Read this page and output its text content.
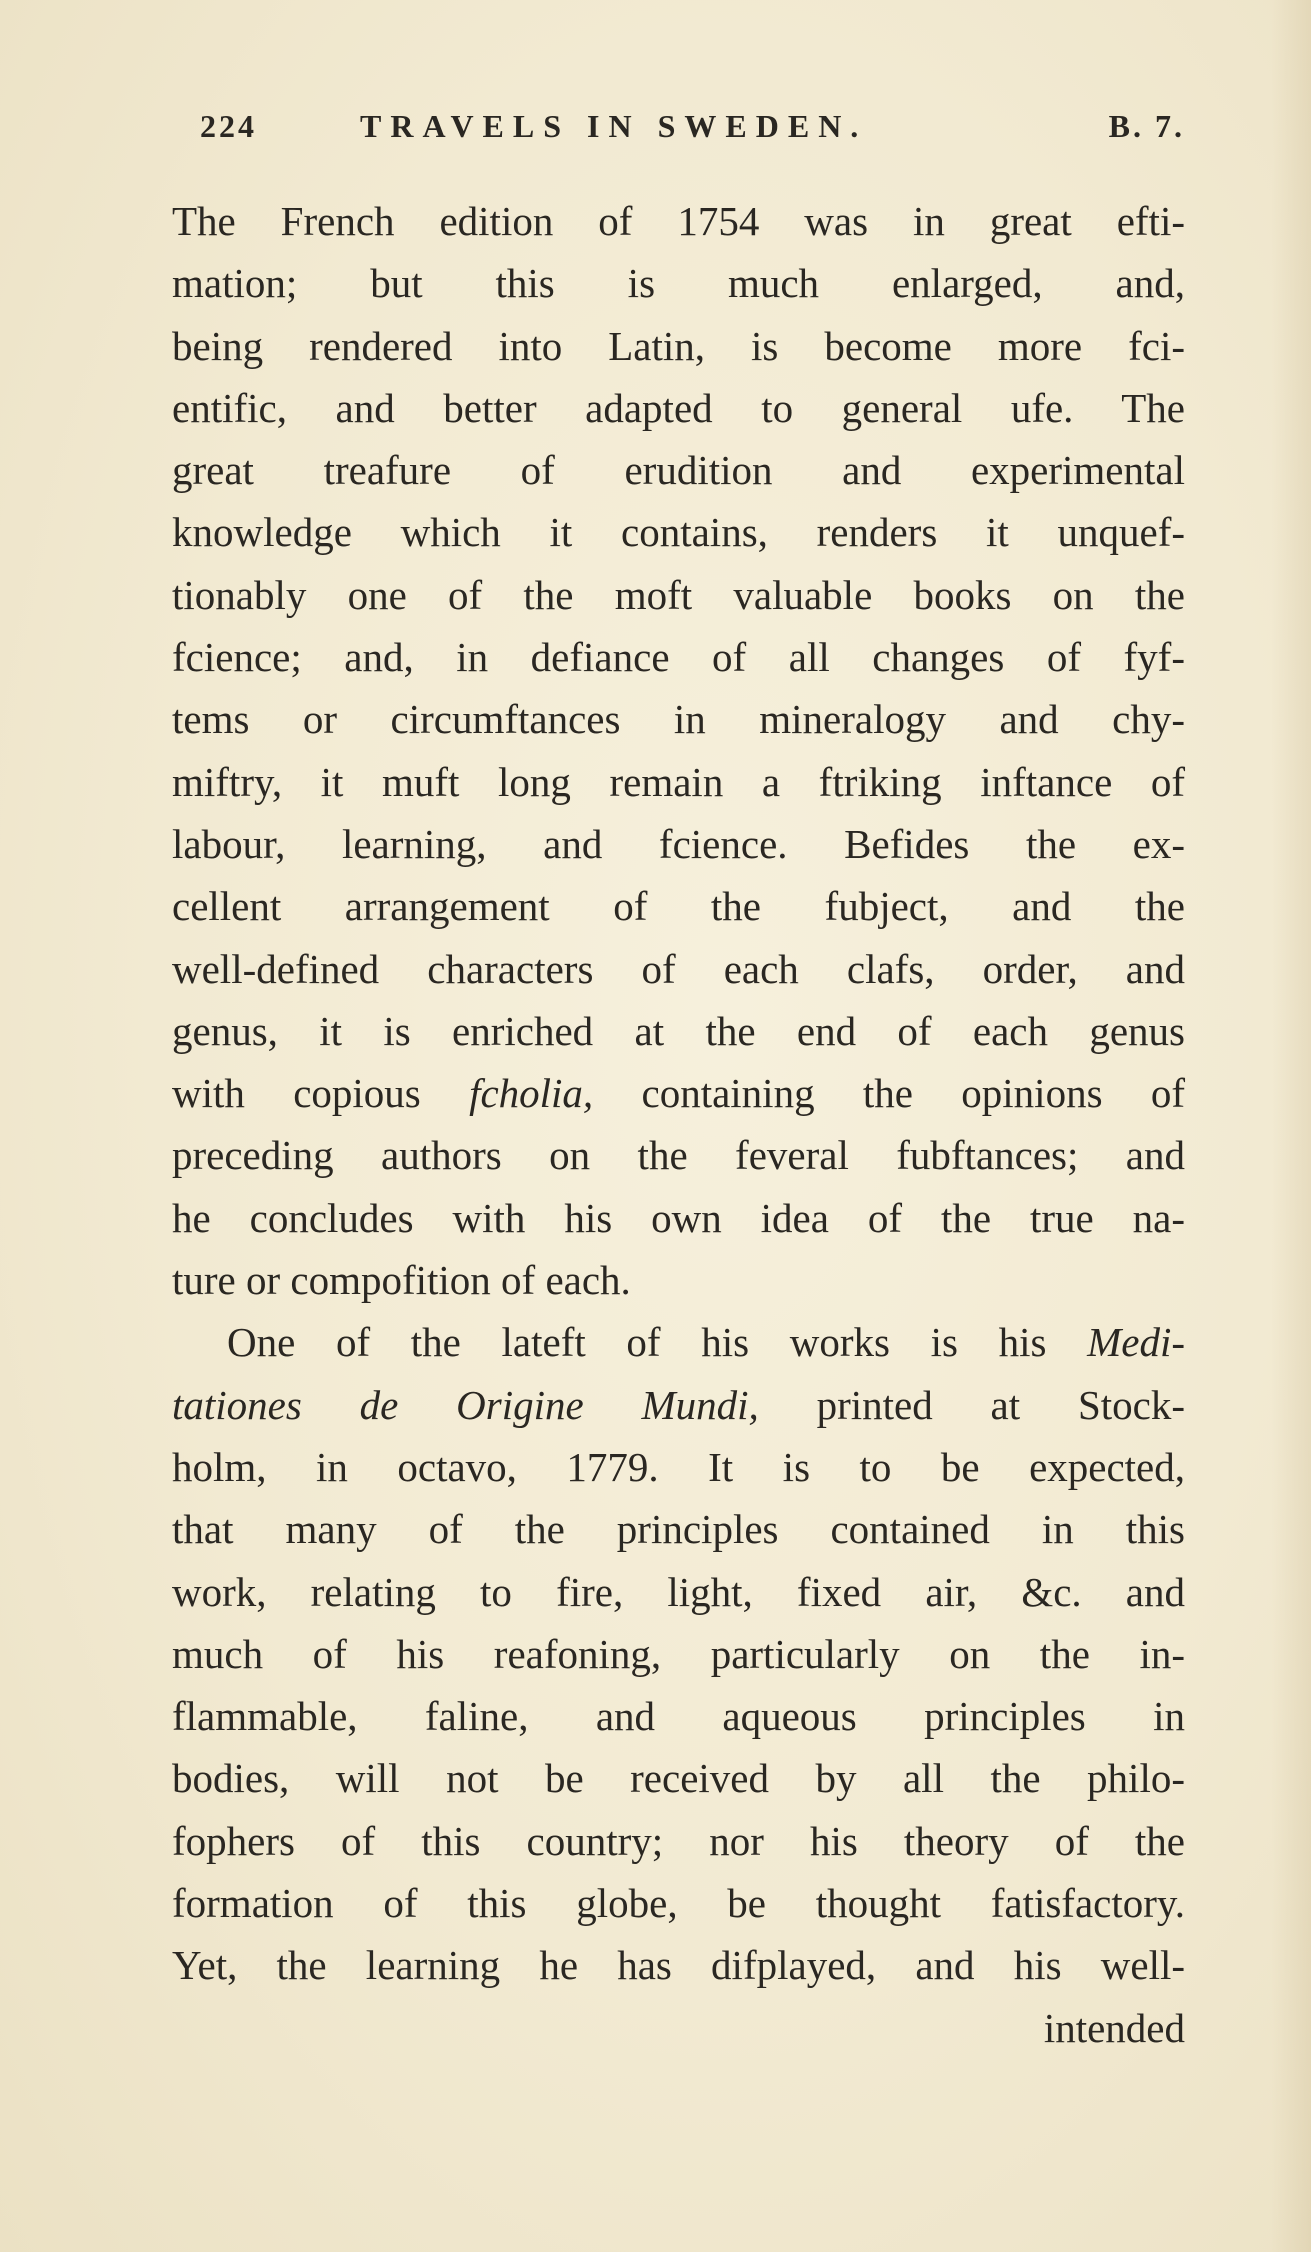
224	TRAVELS IN SWEDEN.	B. 7.
The French edition of 1754 was in great efti-
mation; but this is much enlarged, and,
being rendered into Latin, is become more fci-
entific, and better adapted to general ufe. The
great treafure of erudition and experimental
knowledge which it contains, renders it unquef-
tionably one of the moft valuable books on the
fcience; and, in defiance of all changes of fyf-
tems or circumftances in mineralogy and chy-
miftry, it muft long remain a ftriking inftance of
labour, learning, and fcience. Befides the ex-
cellent arrangement of the fubject, and the
well-defined characters of each clafs, order, and
genus, it is enriched at the end of each genus
with copious fcholia, containing the opinions of
preceding authors on the feveral fubftances; and
he concludes with his own idea of the true na-
ture or compofition of each.
One of the lateft of his works is his Medi-
tationes de Origine Mundi, printed at Stock-
holm, in octavo, 1779. It is to be expected,
that many of the principles contained in this
work, relating to fire, light, fixed air, &c. and
much of his reafoning, particularly on the in-
flammable, faline, and aqueous principles in
bodies, will not be received by all the philo-
fophers of this country; nor his theory of the
formation of this globe, be thought fatisfactory.
Yet, the learning he has difplayed, and his well-
intended
